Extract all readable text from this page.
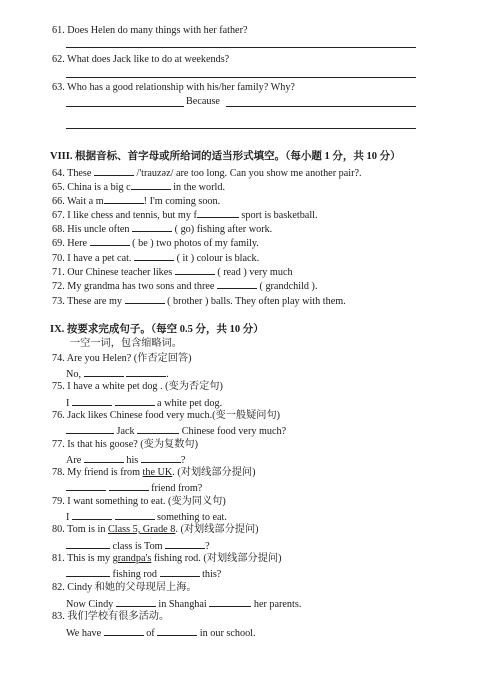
61. Does Helen do many things with her father?
62. What does Jack like to do at weekends?
63. Who has a good relationship with his/her family? Why?
Because
VIII. 根据音标、首字母或所给词的适当形式填空。（每小题 1 分，共 10 分）
64. These	/'trauzəz/ are too long. Can you show me another pair?.
65. China is a big c	in the world.
66. Wait a m	! I'm coming soon.
67. I like chess and tennis, but my f	sport is basketball.
68. His uncle often	( go) fishing after work.
69. Here	( be ) two photos of my family.
70. I have a pet cat.	( it ) colour is black.
71. Our Chinese teacher likes	( read ) very much
72. My grandma has two sons and three	( grandchild ).
73. These are my	( brother ) balls. They often play with them.
IX. 按要求完成句子。（每空 0.5 分，共 10 分）
一空一词，包含缩略词。
74. Are you Helen? (作否定回答)
No,	.
75. I have a white pet dog . (变为否定句)
I	a white pet dog.
76. Jack likes Chinese food very much.(变一般疑问句)
Jack	Chinese food very much?
77. Is that his goose? (变为复数句)
Are	his	?
78. My friend is from the UK. (对划线部分提问)
friend from?
79. I want something to eat. (变为同义句)
I	something to eat.
80. Tom is in Class 5, Grade 8. (对划线部分提问)
class is Tom	?
81. This is my grandpa's fishing rod. (对划线部分提问)
fishing rod	this?
82. Cindy 和她的父母现居上海。
Now Cindy	in Shanghai	her parents.
83. 我们学校有很多活动。
We have	of	in our school.
